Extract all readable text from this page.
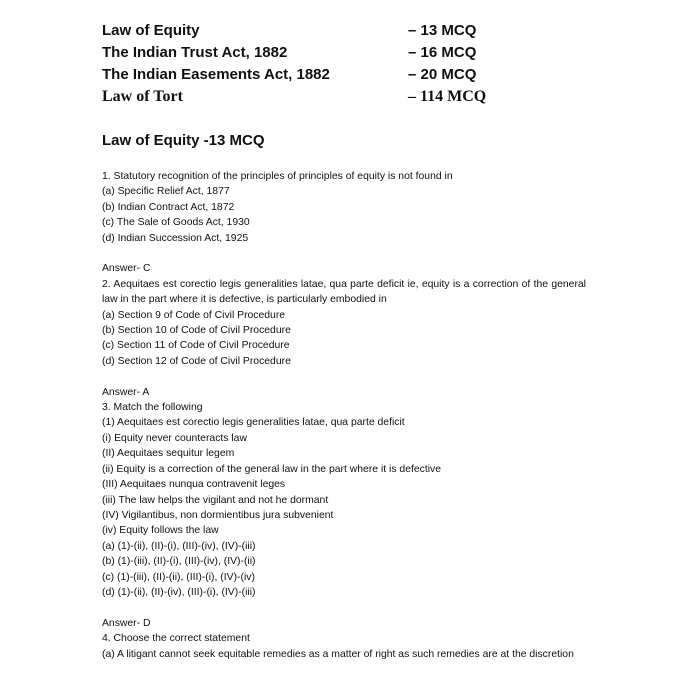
Law of Equity	– 13 MCQ
The Indian Trust Act, 1882	– 16 MCQ
The Indian Easements Act, 1882	– 20 MCQ
Law of Tort	– 114 MCQ
Law of Equity -13 MCQ

1. Statutory recognition of the principles of principles of equity is not found in

(a) Specific Relief Act, 1877

(b) Indian Contract Act, 1872

(c) The Sale of Goods Act, 1930

(d) Indian Succession Act, 1925

Answer- C

2. Aequitaes est corectio legis generalities latae, qua parte deficit ie, equity is a correction of the general law in the part where it is defective, is particularly embodied in

(a) Section 9 of Code of Civil Procedure

(b) Section 10 of Code of Civil Procedure

(c) Section 11 of Code of Civil Procedure

(d) Section 12 of Code of Civil Procedure

Answer- A

3. Match the following

(1) Aequitaes est corectio legis generalities latae, qua parte deficit

(i) Equity never counteracts law

(II) Aequitaes sequitur legem

(ii) Equity is a correction of the general law in the part where it is defective

(III) Aequitaes nunqua contravenit leges

(iii) The law helps the vigilant and not he dormant

(IV) Vigilantibus, non dormientibus jura subvenient

(iv) Equity follows the law

(a) (1)-(ii), (II)-(i), (III)-(iv), (IV)-(iii)

(b) (1)-(iii), (II)-(i), (III)-(iv), (IV)-(ii)

(c) (1)-(iii), (II)-(ii), (III)-(i), (IV)-(iv)

(d) (1)-(ii), (II)-(iv), (III)-(i), (IV)-(iii)

Answer- D

4. Choose the correct statement

(a) A litigant cannot seek equitable remedies as a matter of right as such remedies are at the discretion
